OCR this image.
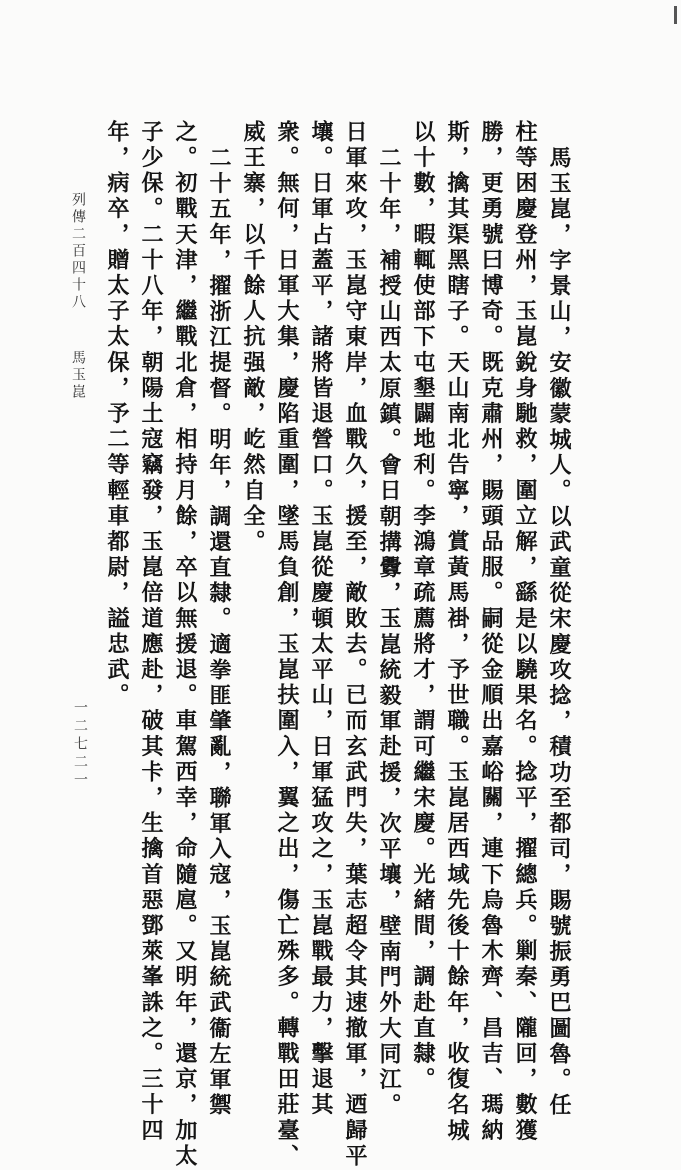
馬玉崑，字景山，安徽蒙城人。以武童從宋慶攻捻，積功至都司，賜號振勇巴圖魯。任
柱等困慶登州，玉崑銳身馳救，圍立解，繇是以驍果名。捻平，擢總兵。剿秦、隴回，數獲
勝，更勇號曰博奇。既克肅州，賜頭品服。嗣從金順出嘉峪關，連下烏魯木齊、昌吉、瑪納
斯，擒其渠黑瞎子。天山南北告寧，賞黃馬褂，予世職。玉崑居西域先後十餘年，收復名城
以十數，暇輒使部下屯墾闢地利。李鴻章疏薦將才，謂可繼宋慶。光緒間，調赴直隸。
二十年，補授山西太原鎮。會日朝搆釁，玉崑統毅軍赴援，次平壤，壁南門外大同江。
日軍來攻，玉崑守東岸，血戰久，援至，敵敗去。已而玄武門失，葉志超令其速撤軍，迺歸平
壤。日軍占蓋平，諸將皆退營口。玉崑從慶頓太平山，日軍猛攻之，玉崑戰最力，擊退其
衆。無何，日軍大集，慶陷重圍，墜馬負創，玉崑扶圍入，翼之出，傷亡殊多。轉戰田莊臺、
威王寨，以千餘人抗强敵，屹然自全。
二十五年，擢浙江提督。明年，調還直隸。適拳匪肇亂，聯軍入寇，玉崑統武衞左軍禦
之。初戰天津，繼戰北倉，相持月餘，卒以無援退。車駕西幸，命隨扈。又明年，還京，加太
子少保。二十八年，朝陽土寇竊發，玉崑倍道應赴，破其卡，生擒首惡鄧萊峯誅之。三十四
年，病卒，贈太子太保，予二等輕車都尉，謚忠武。
列傳二百四十八
馬玉崑
一二七二一
